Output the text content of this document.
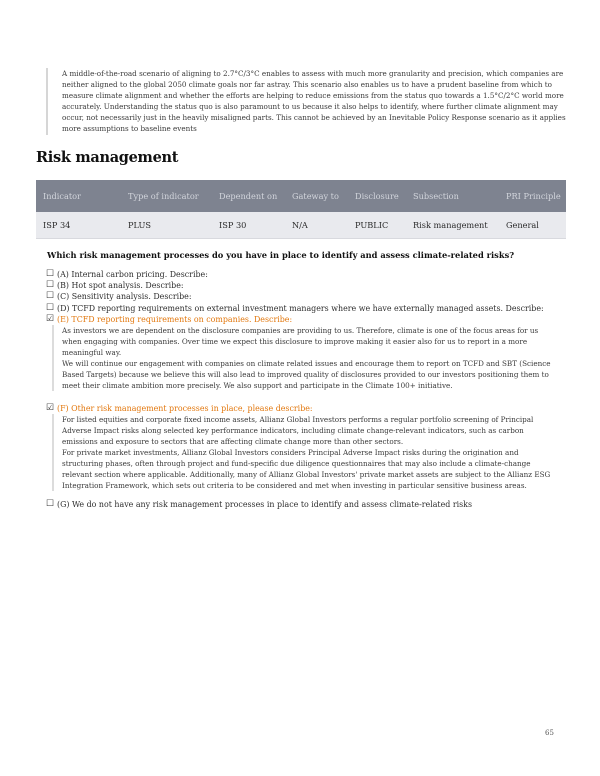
A middle-of-the-road scenario of aligning to 2.7°C/3°C enables to assess with much more granularity and precision, which companies are neither aligned to the global 2050 climate goals nor far astray. This scenario also enables us to have a prudent baseline from which to measure climate alignment and whether the efforts are helping to reduce emissions from the status quo towards a 1.5°C/2°C world more accurately. Understanding the status quo is also paramount to us because it also helps to identify, where further climate alignment may occur, not necessarily just in the heavily misaligned parts. This cannot be achieved by an Inevitable Policy Response scenario as it applies more assumptions to baseline events
Risk management
Indicator	Type of indicator	Dependent on	Gateway to	Disclosure	Subsection	PRI Principle
ISP 34	PLUS	ISP 30	N/A	PUBLIC	Risk management	General
Which risk management processes do you have in place to identify and assess climate-related risks?
☐ (A) Internal carbon pricing. Describe:
☐ (B) Hot spot analysis. Describe:
☐ (C) Sensitivity analysis. Describe:
☐ (D) TCFD reporting requirements on external investment managers where we have externally managed assets. Describe:
☑ (E) TCFD reporting requirements on companies. Describe:

As investors we are dependent on the disclosure companies are providing to us. Therefore, climate is one of the focus areas for us when engaging with companies. Over time we expect this disclosure to improve making it easier also for us to report in a more meaningful way.

We will continue our engagement with companies on climate related issues and encourage them to report on TCFD and SBT (Science Based Targets) because we believe this will also lead to improved quality of disclosures provided to our investors positioning them to meet their climate ambition more precisely. We also support and participate in the Climate 100+ initiative.

☑ (F) Other risk management processes in place, please describe:

For listed equities and corporate fixed income assets, Allianz Global Investors performs a regular portfolio screening of Principal Adverse Impact risks along selected key performance indicators, including climate change-relevant indicators, such as carbon emissions and exposure to sectors that are affecting climate change more than other sectors.

For private market investments, Allianz Global Investors considers Principal Adverse Impact risks during the origination and structuring phases, often through project and fund-specific due diligence questionnaires that may also include a climate-change relevant section where applicable. Additionally, many of Allianz Global Investors' private market assets are subject to the Allianz ESG Integration Framework, which sets out criteria to be considered and met when investing in particular sensitive business areas.

☐ (G) We do not have any risk management processes in place to identify and assess climate-related risks
65
